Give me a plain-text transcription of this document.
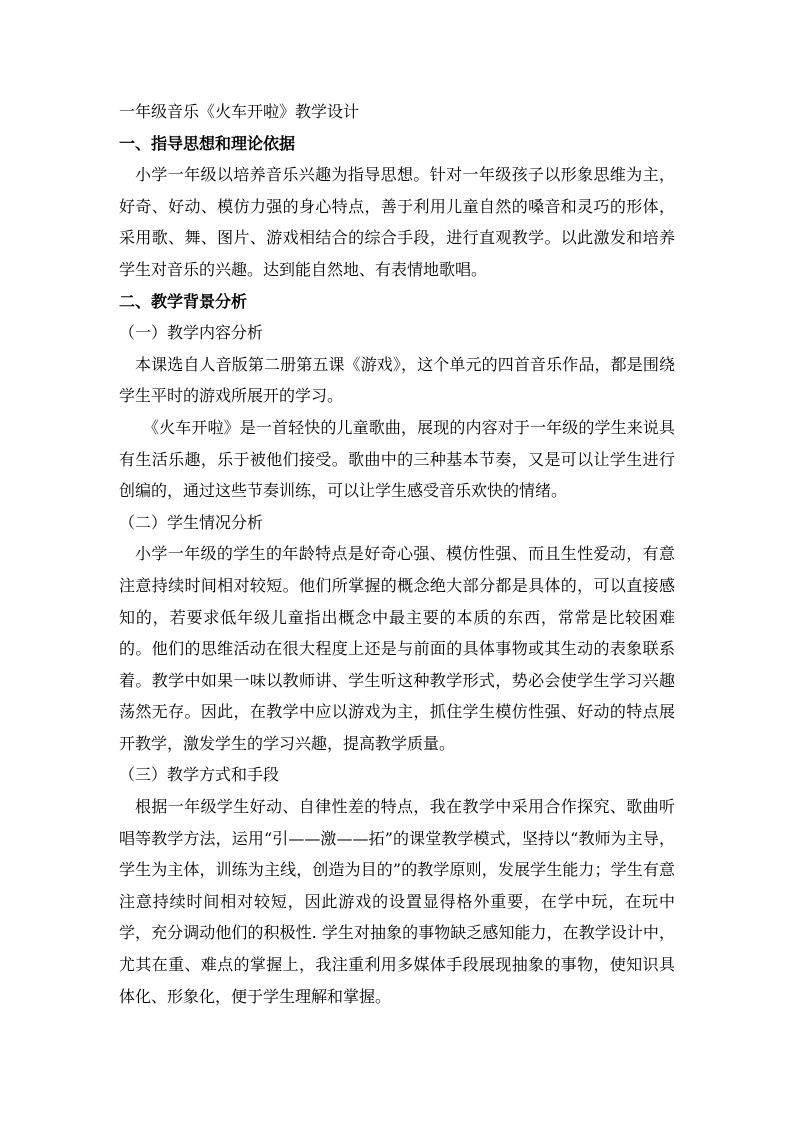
一年级音乐《火车开啦》教学设计

一、指导思想和理论依据

小学一年级以培养音乐兴趣为指导思想。针对一年级孩子以形象思维为主，好奇、好动、模仿力强的身心特点，善于利用儿童自然的嗓音和灵巧的形体，采用歌、舞、图片、游戏相结合的综合手段，进行直观教学。以此激发和培养学生对音乐的兴趣。达到能自然地、有表情地歌唱。

二、教学背景分析

（一）教学内容分析

本课选自人音版第二册第五课《游戏》，这个单元的四首音乐作品，都是围绕学生平时的游戏所展开的学习。

《火车开啦》是一首轻快的儿童歌曲，展现的内容对于一年级的学生来说具有生活乐趣，乐于被他们接受。歌曲中的三种基本节奏，又是可以让学生进行创编的，通过这些节奏训练，可以让学生感受音乐欢快的情绪。

（二）学生情况分析

小学一年级的学生的年龄特点是好奇心强、模仿性强、而且生性爱动，有意注意持续时间相对较短。他们所掌握的概念绝大部分都是具体的，可以直接感知的，若要求低年级儿童指出概念中最主要的本质的东西，常常是比较困难的。他们的思维活动在很大程度上还是与前面的具体事物或其生动的表象联系着。教学中如果一味以教师讲、学生听这种教学形式，势必会使学生学习兴趣荡然无存。因此，在教学中应以游戏为主，抓住学生模仿性强、好动的特点展开教学，激发学生的学习兴趣，提高教学质量。

（三）教学方式和手段

根据一年级学生好动、自律性差的特点，我在教学中采用合作探究、歌曲听唱等教学方法，运用“引——激——拓”的课堂教学模式，坚持以“教师为主导，学生为主体，训练为主线，创造为目的”的教学原则，发展学生能力；学生有意注意持续时间相对较短，因此游戏的设置显得格外重要，在学中玩，在玩中学，充分调动他们的积极性. 学生对抽象的事物缺乏感知能力，在教学设计中，尤其在重、难点的掌握上，我注重利用多媒体手段展现抽象的事物，使知识具体化、形象化，便于学生理解和掌握。
